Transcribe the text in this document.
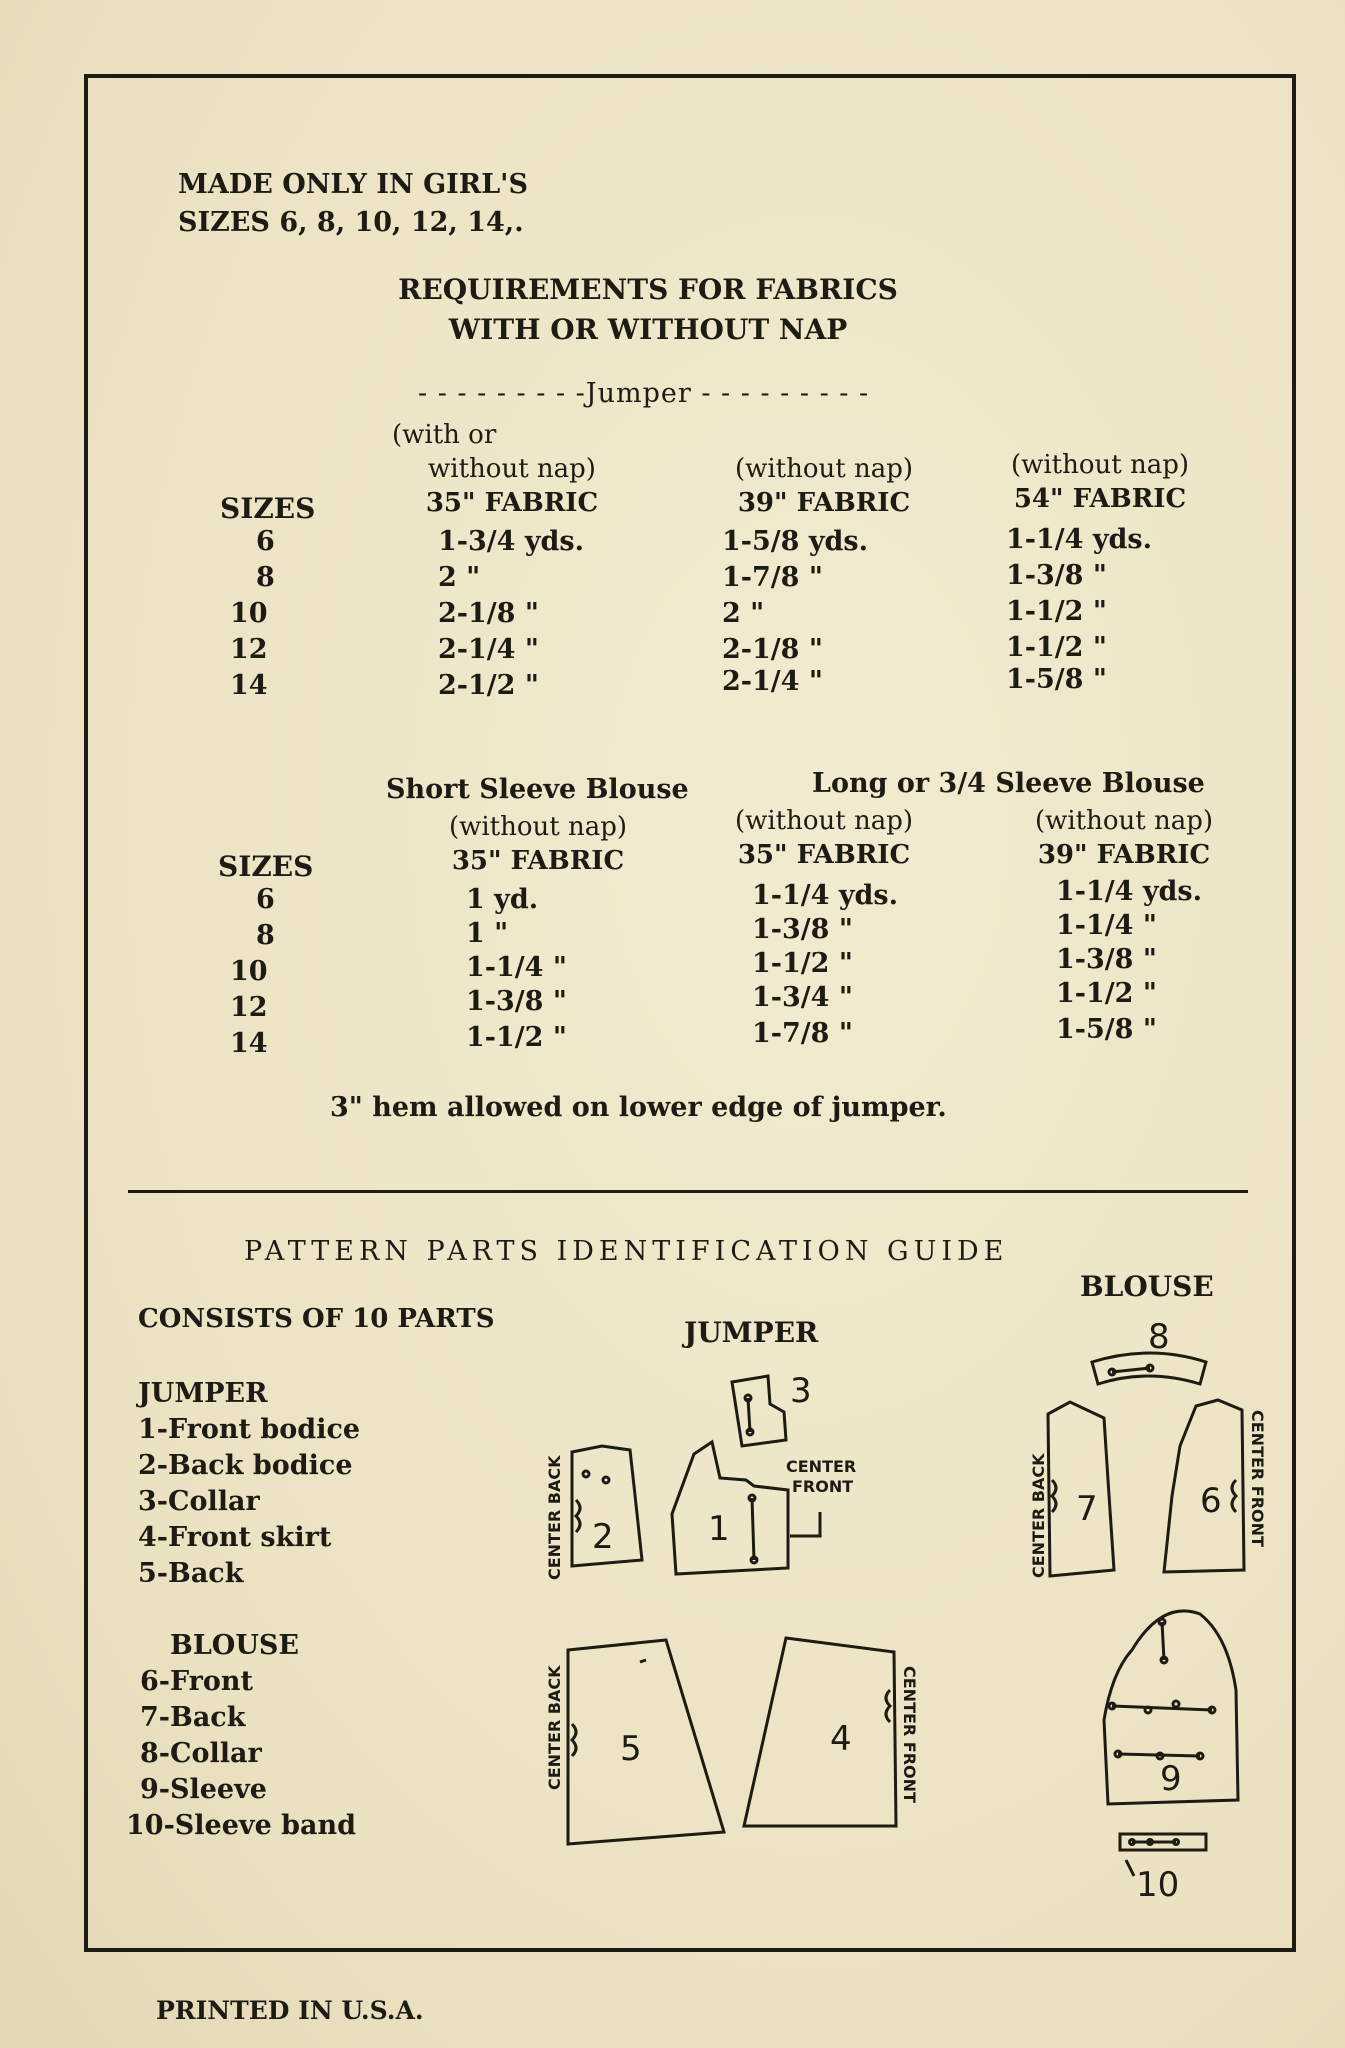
MADE ONLY IN GIRL'S
SIZES 6, 8, 10, 12, 14,.
REQUIREMENTS FOR FABRICS
WITH OR WITHOUT NAP
- - - - - - - - -Jumper - - - - - - - - -
(with or
without nap)
35" FABRIC
(without nap)
39" FABRIC
(without nap)
54" FABRIC
SIZES
6	1-3/4 yds.	1-5/8 yds.	1-1/4 yds.
8	2 "	1-7/8 "	1-3/8 "
10	2-1/8 "	2 "	1-1/2 "
12	2-1/4 "	2-1/8 "	1-1/2 "
14	2-1/2 "	2-1/4 "	1-5/8 "
Short Sleeve Blouse	Long or 3/4 Sleeve Blouse
(without nap)
35" FABRIC
(without nap)
35" FABRIC
(without nap)
39" FABRIC
SIZES
6	1 yd.	1-1/4 yds.	1-1/4 yds.
8	1 "	1-3/8 "	1-1/4 "
10	1-1/4 "	1-1/2 "	1-3/8 "
12	1-3/8 "	1-3/4 "	1-1/2 "
14	1-1/2 "	1-7/8 "	1-5/8 "
3" hem allowed on lower edge of jumper.
PATTERN PARTS IDENTIFICATION GUIDE
CONSISTS OF 10 PARTS
JUMPER
1-Front bodice
2-Back bodice
3-Collar
4-Front skirt
5-Back
BLOUSE
6-Front
7-Back
8-Collar
9-Sleeve
10-Sleeve band
JUMPER
BLOUSE
3
2
CENTER BACK	1
CENTER
FRONT
5
CENTER BACK	4	CENTER FRONT
8
7
CENTER BACK	6 CENTER FRONT
9
10
PRINTED IN U.S.A.
